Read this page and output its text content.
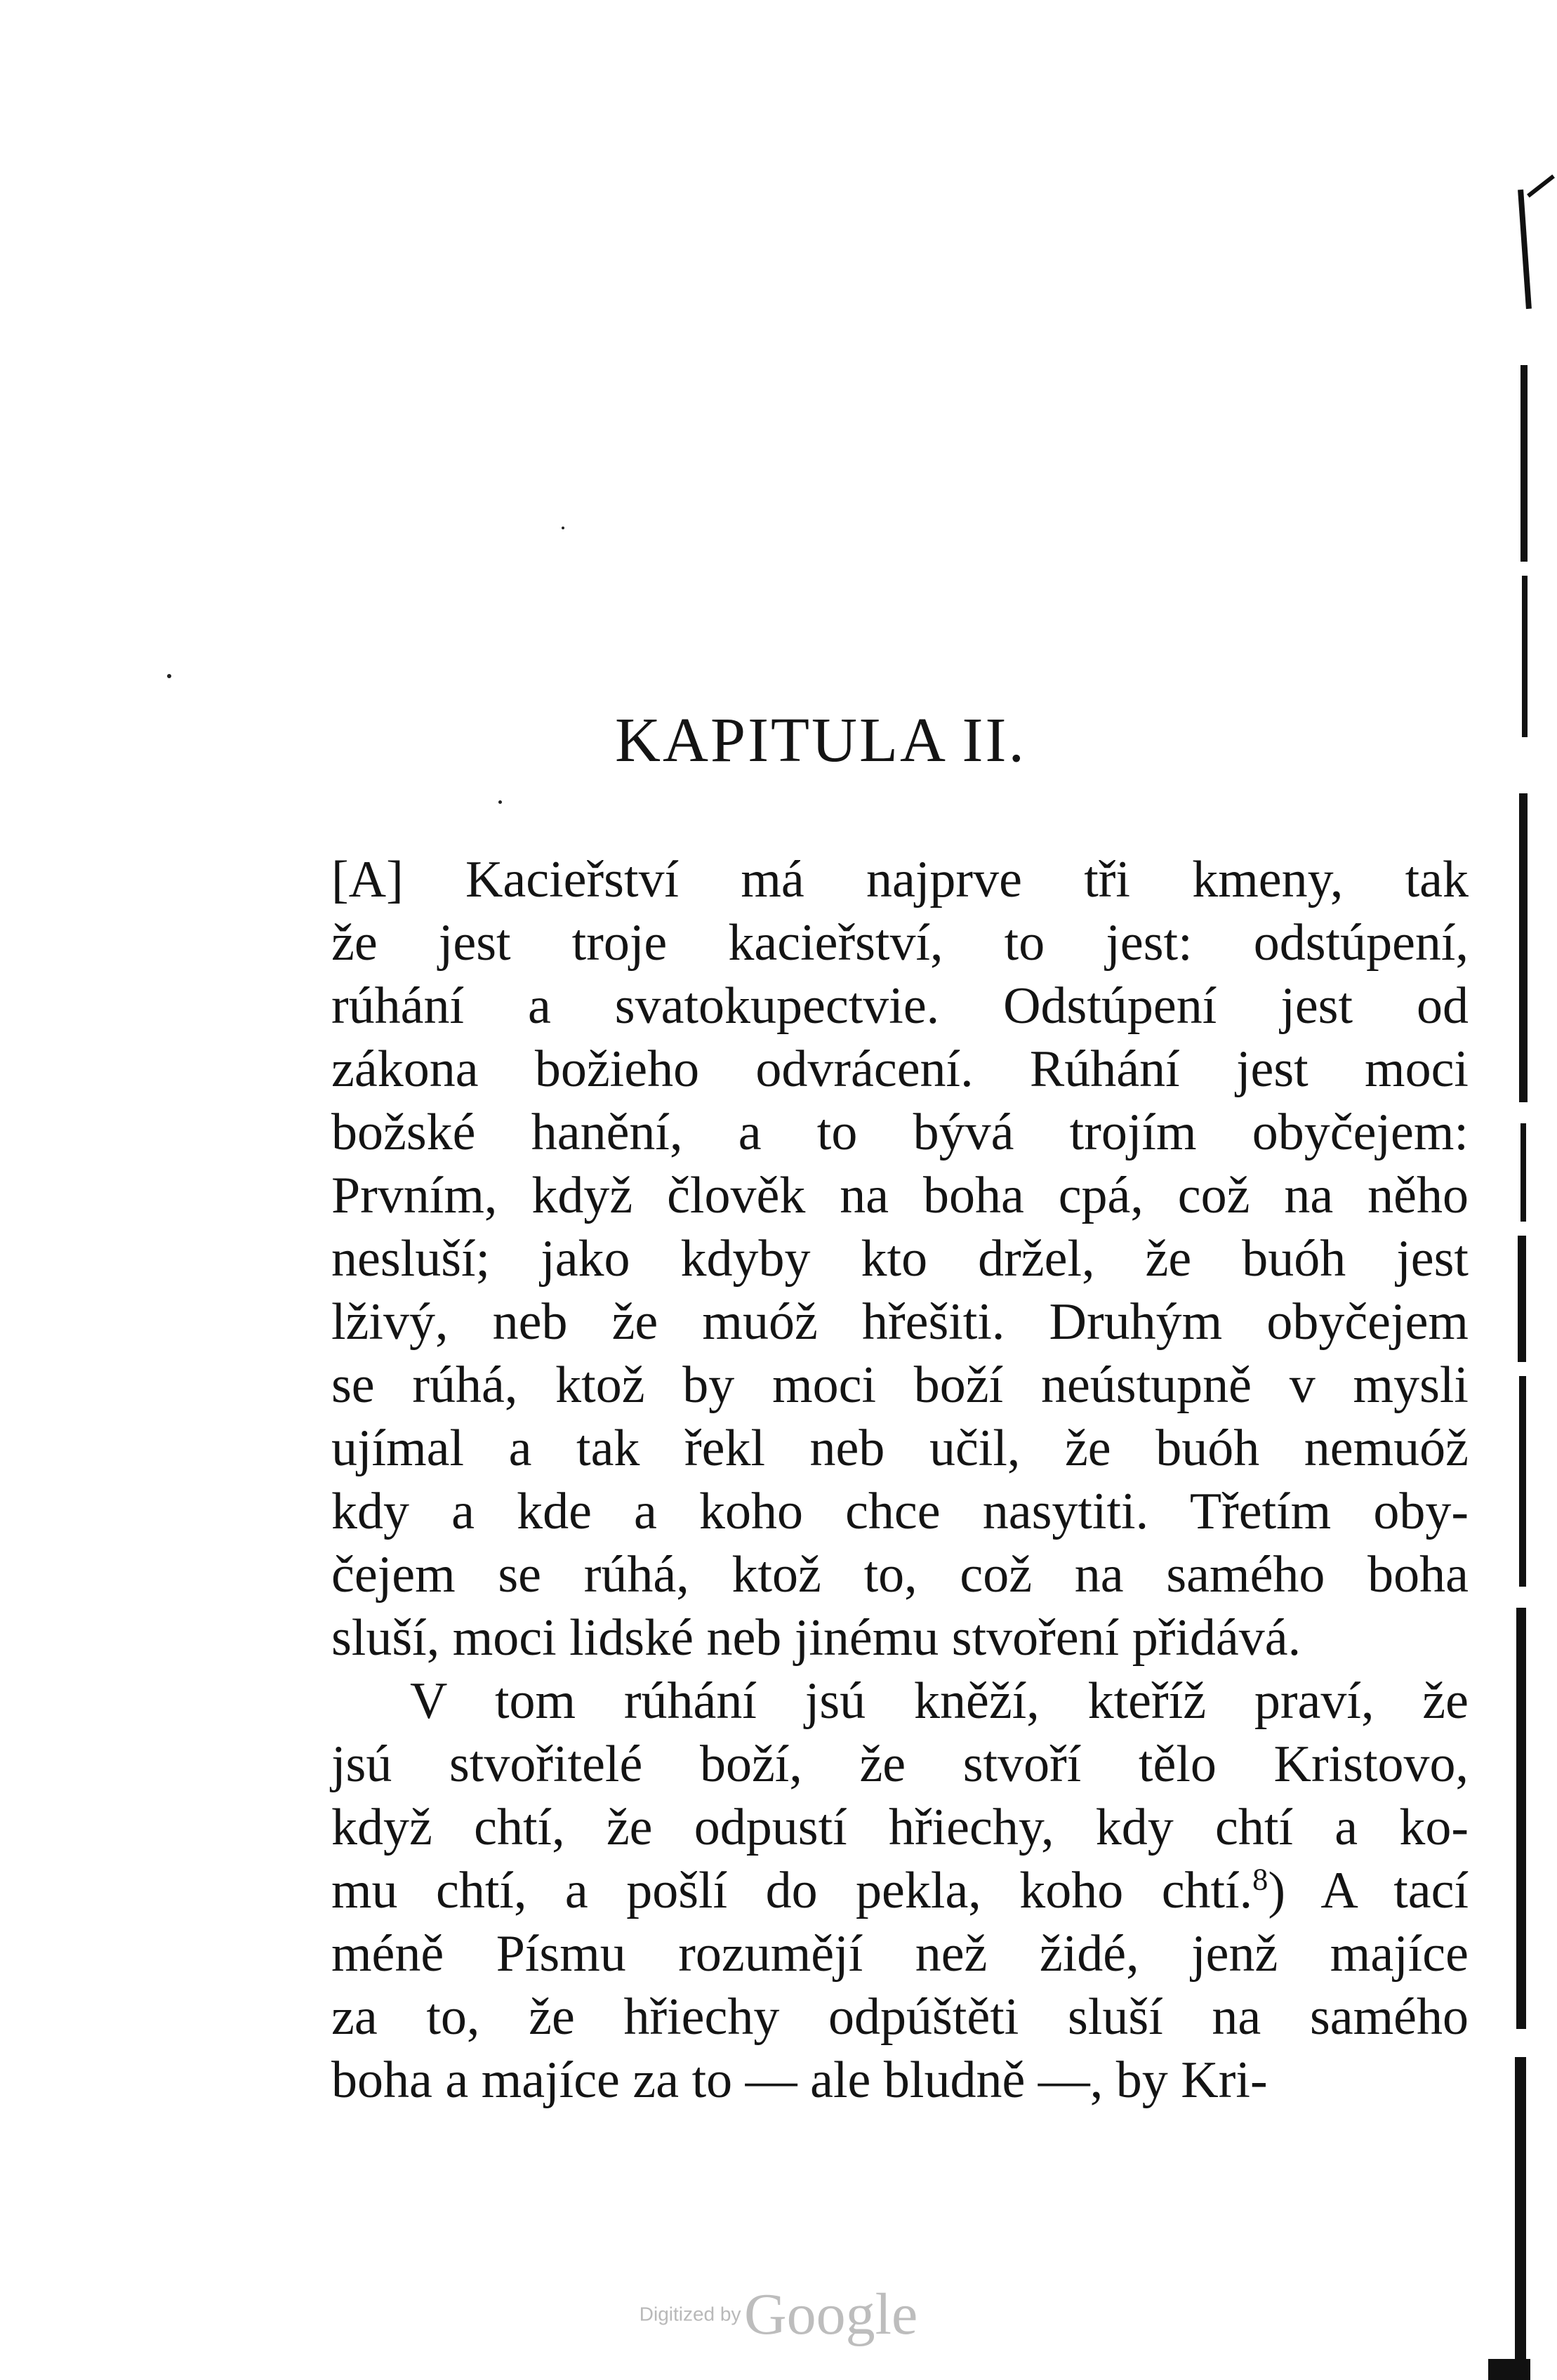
KAPITULA II.
[A] Kacieřství má najprve tři kmeny, tak
že jest troje kacieřství, to jest: odstúpení,
rúhání a svatokupectvie. Odstúpení jest od
zákona božieho odvrácení. Rúhání jest moci
božské hanění, a to bývá trojím obyčejem:
Prvním, když člověk na boha cpá, což na něho
nesluší; jako kdyby kto držel, že buóh jest
lživý, neb že muóž hřešiti. Druhým obyčejem
se rúhá, ktož by moci boží neústupně v mysli
ujímal a tak řekl neb učil, že buóh nemuóž
kdy a kde a koho chce nasytiti. Třetím oby-
čejem se rúhá, ktož to, což na samého boha
sluší, moci lidské neb jinému stvoření přidává.
V tom rúhání jsú kněží, kteříž praví, že
jsú stvořitelé boží, že stvoří tělo Kristovo,
když chtí, že odpustí hřiechy, kdy chtí a ko-
mu chtí, a pošlí do pekla, koho chtí.$^8$) A tací
méně Písmu rozumějí než židé, jenž majíce
za to, že hřiechy odpúštěti sluší na samého
boha a majíce za to — ale bludně —, by Kri-
Digitized by Google
